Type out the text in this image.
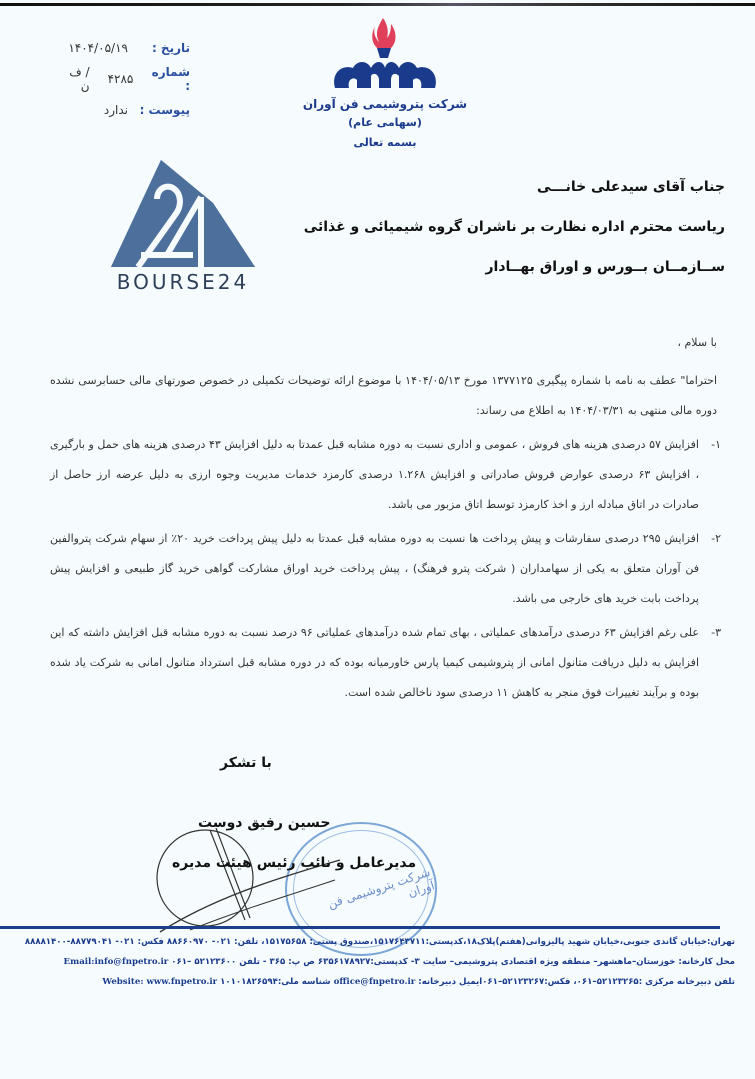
تاریخ :
۱۴۰۴/۰۵/۱۹
شماره :
۴۲۸۵
/ ف ن
پیوست :
ندارد	شرکت پتروشیمی فن آوران
(سهامی عام)
بسمه تعالی
BOURSE24
جناب آقای سیدعلی خانـــی
ریاست محترم اداره نظارت بر ناشران گروه شیمیائی و غذائی
ســازمــان بــورس و اوراق بهــادار
با سلام ،
احتراما" عطف به نامه با شماره پیگیری ۱۳۷۷۱۲۵ مورخ ۱۴۰۴/۰۵/۱۳ با موضوع ارائه توضیحات تکمیلی در خصوص صورتهای مالی حسابرسی نشده دوره مالی منتهی به ۱۴۰۴/۰۳/۳۱ به اطلاع می رساند:
۱-
افزایش ۵۷ درصدی هزینه های فروش ، عمومی و اداری نسبت به دوره مشابه قبل عمدتا به دلیل افزایش ۴۳ درصدی هزینه های حمل و بارگیری ، افزایش ۶۳ درصدی عوارض فروش صادراتی و افزایش ۱.۲۶۸ درصدی کارمزد خدمات مدیریت وجوه ارزی به دلیل عرضه ارز حاصل از صادرات در اتاق مبادله ارز و اخذ کارمزد توسط اتاق مزبور می باشد.
۲-
افزایش ۲۹۵ درصدی سفارشات و پیش پرداخت ها نسبت به دوره مشابه قبل عمدتا به دلیل پیش پرداخت خرید ۲۰٪ از سهام شرکت پتروالفین فن آوران متعلق به یکی از سهامداران ( شرکت پترو فرهنگ) ، پیش پرداخت خرید اوراق مشارکت گواهی خرید گاز طبیعی و افزایش پیش پرداخت بابت خرید های خارجی می باشد.
۳-
علی رغم افزایش ۶۳ درصدی درآمدهای عملیاتی ، بهای تمام شده درآمدهای عملیاتی ۹۶ درصد نسبت به دوره مشابه قبل افزایش داشته که این افزایش به دلیل دریافت متانول امانی از پتروشیمی کیمیا پارس خاورمیانه بوده که در دوره مشابه قبل استرداد متانول امانی به شرکت یاد شده بوده و برآیند تغییرات فوق منجر به کاهش ۱۱ درصدی سود ناخالص شده است.
با تشکر
شرکت پتروشیمی فن آوران
حسین رفیق دوست
مدیرعامل و نائب رئیس هیئت مدیره
تهران:خیابان گاندی جنوبی،خیابان شهید پالیزوانی(هفتم)پلاک۱۸،کدپستی:۱۵۱۷۶۴۳۷۱۱،صندوق پستی: ۱۵۱۷۵۶۵۸، تلفن: ۰۲۱- ۸۸۶۶۰۹۷۰ فکس: ۰۲۱- ۸۸۷۷۹۰۴۱-۸۸۸۸۱۴۰۰
محل کارخانه: خوزستان–ماهشهر– منطقه ویژه اقتصادی پتروشیمی– سایت ۳- کدپستی:۶۳۵۶۱۷۸۹۲۷ ص پ: ۳۶۵ - تلفن ۵۲۱۲۳۶۰۰ –۰۶۱ Email:info@fnpetro.ir
تلفن دبیرخانه مرکزی :۵۲۱۲۳۲۶۵–۰۶۱، فکس:۵۲۱۲۳۲۶۷–۰۶۱ایمیل دبیرخانه: office@fnpetro.ir شناسه ملی:۱۰۱۰۱۸۲۶۵۹۴ Website: www.fnpetro.ir
